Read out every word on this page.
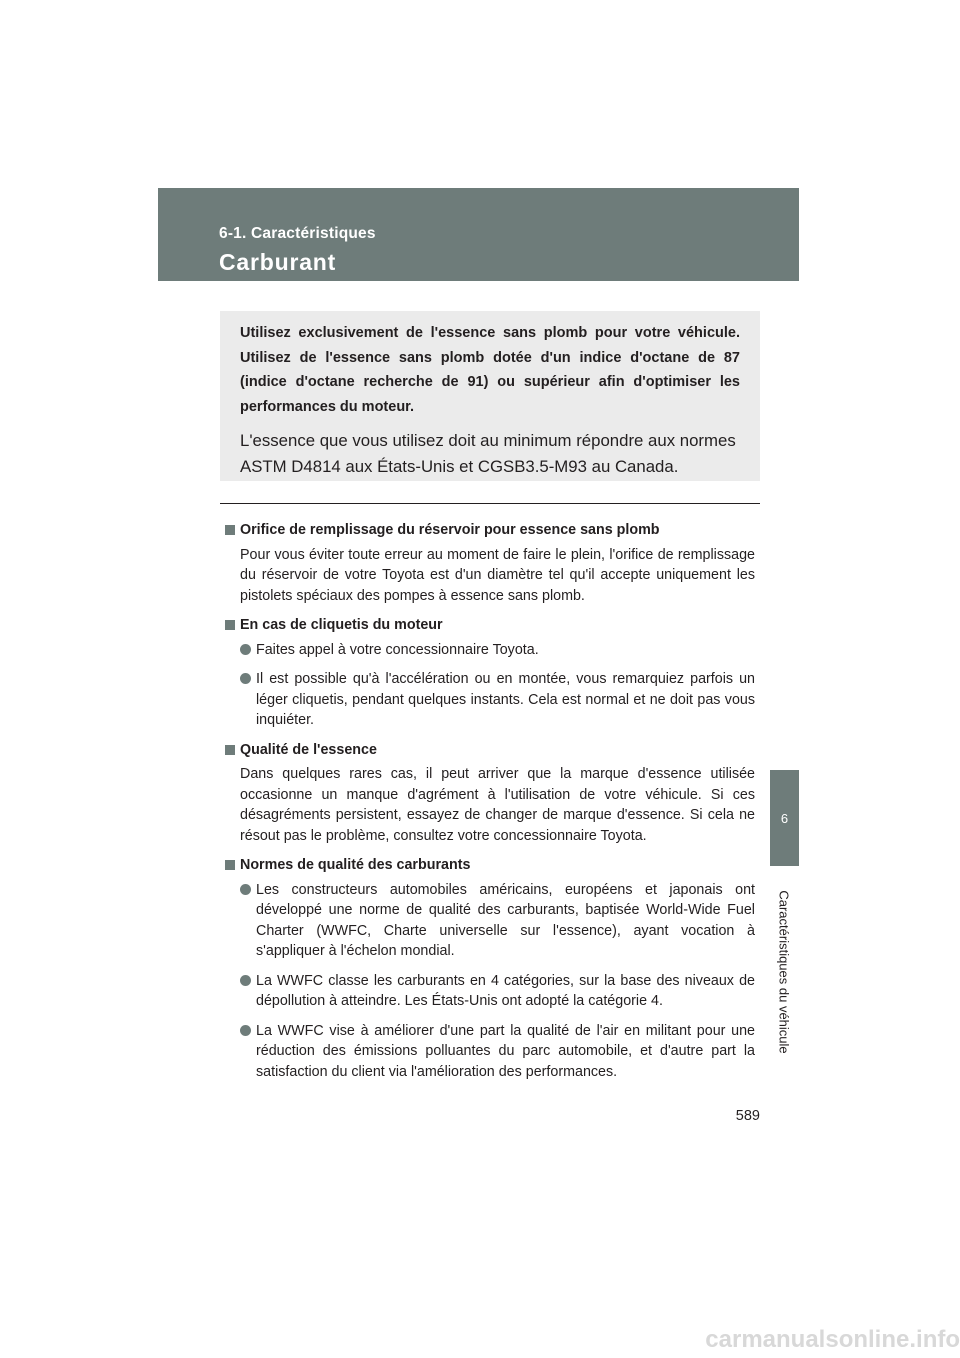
6-1. Caractéristiques
Carburant
6
Caractéristiques du véhicule

Utilisez exclusivement de l'essence sans plomb pour votre véhicule. Utilisez de l'essence sans plomb dotée d'un indice d'octane de 87 (indice d'octane recherche de 91) ou supérieur afin d'optimiser les performances du moteur.

L'essence que vous utilisez doit au minimum répondre aux normes ASTM D4814 aux États-Unis et CGSB3.5-M93 au Canada.

Orifice de remplissage du réservoir pour essence sans plomb

Pour vous éviter toute erreur au moment de faire le plein, l'orifice de remplissage du réservoir de votre Toyota est d'un diamètre tel qu'il accepte uniquement les pistolets spéciaux des pompes à essence sans plomb.

En cas de cliquetis du moteur
Faites appel à votre concessionnaire Toyota.
Il est possible qu'à l'accélération ou en montée, vous remarquiez parfois un léger cliquetis, pendant quelques instants. Cela est normal et ne doit pas vous inquiéter.
Qualité de l'essence

Dans quelques rares cas, il peut arriver que la marque d'essence utilisée occasionne un manque d'agrément à l'utilisation de votre véhicule. Si ces désagréments persistent, essayez de changer de marque d'essence. Si cela ne résout pas le problème, consultez votre concessionnaire Toyota.

Normes de qualité des carburants
Les constructeurs automobiles américains, européens et japonais ont développé une norme de qualité des carburants, baptisée World-Wide Fuel Charter (WWFC, Charte universelle sur l'essence), ayant vocation à s'appliquer à l'échelon mondial.
La WWFC classe les carburants en 4 catégories, sur la base des niveaux de dépollution à atteindre. Les États-Unis ont adopté la catégorie 4.
La WWFC vise à améliorer d'une part la qualité de l'air en militant pour une réduction des émissions polluantes du parc automobile, et d'autre part la satisfaction du client via l'amélioration des performances.
589
carmanualsonline.info
